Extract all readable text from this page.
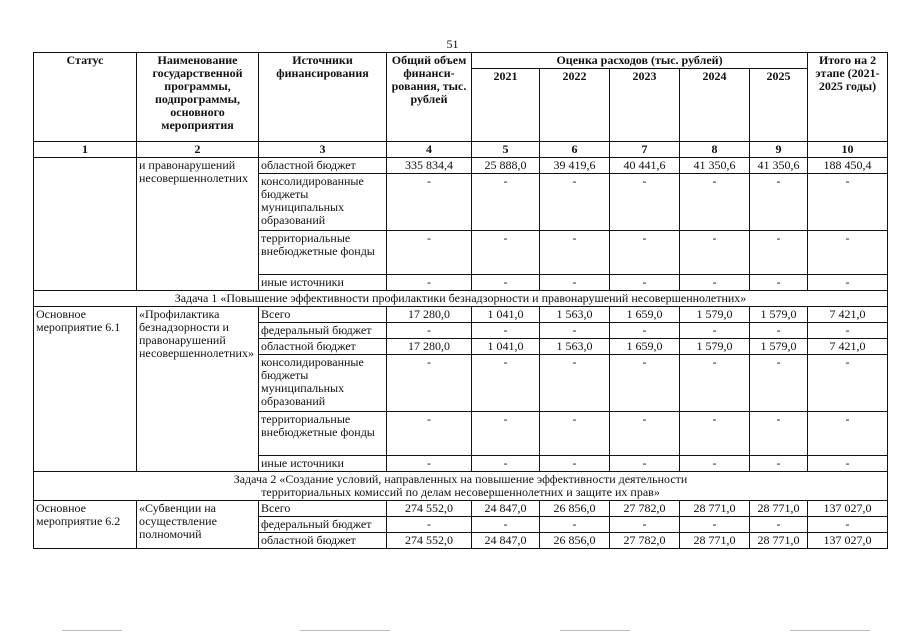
51
Статус	Наименование государственной программы, подпрограммы, основного мероприятия	Источники финансирования	Общий объем финанси-рования, тыс. рублей	Оценка расходов (тыс. рублей)					Итого на 2 этапе (2021-2025 годы)
				2021	2022	2023	2024	2025	
1	2	3	4	5	6	7	8	9	10
	и правонарушений несовершеннолетних	областной бюджет	335 834,4	25 888,0	39 419,6	40 441,6	41 350,6	41 350,6	188 450,4
		консолидированные бюджеты муниципальных образований	-	-	-	-	-	-	-
		территориальные внебюджетные фонды	-	-	-	-	-	-	-
		иные источники	-	-	-	-	-	-	-
Задача 1 «Повышение эффективности профилактики безнадзорности и правонарушений несовершеннолетних»									
Основное мероприятие 6.1	«Профилактика безнадзорности и правонарушений несовершеннолетних»	Всего	17 280,0	1 041,0	1 563,0	1 659,0	1 579,0	1 579,0	7 421,0
		федеральный бюджет	-	-	-	-	-	-	-
		областной бюджет	17 280,0	1 041,0	1 563,0	1 659,0	1 579,0	1 579,0	7 421,0
		консолидированные бюджеты муниципальных образований	-	-	-	-	-	-	-
		территориальные внебюджетные фонды	-	-	-	-	-	-	-
		иные источники	-	-	-	-	-	-	-

Задача 2 «Создание условий, направленных на повышение эффективности деятельности
территориальных комиссий по делам несовершеннолетних и защите их прав»									

Основное мероприятие 6.2	«Субвенции на осуществление полномочий	Всего	274 552,0	24 847,0	26 856,0	27 782,0	28 771,0	28 771,0	137 027,0
		федеральный бюджет	-	-	-	-	-	-	-
		областной бюджет	274 552,0	24 847,0	26 856,0	27 782,0	28 771,0	28 771,0	137 027,0
